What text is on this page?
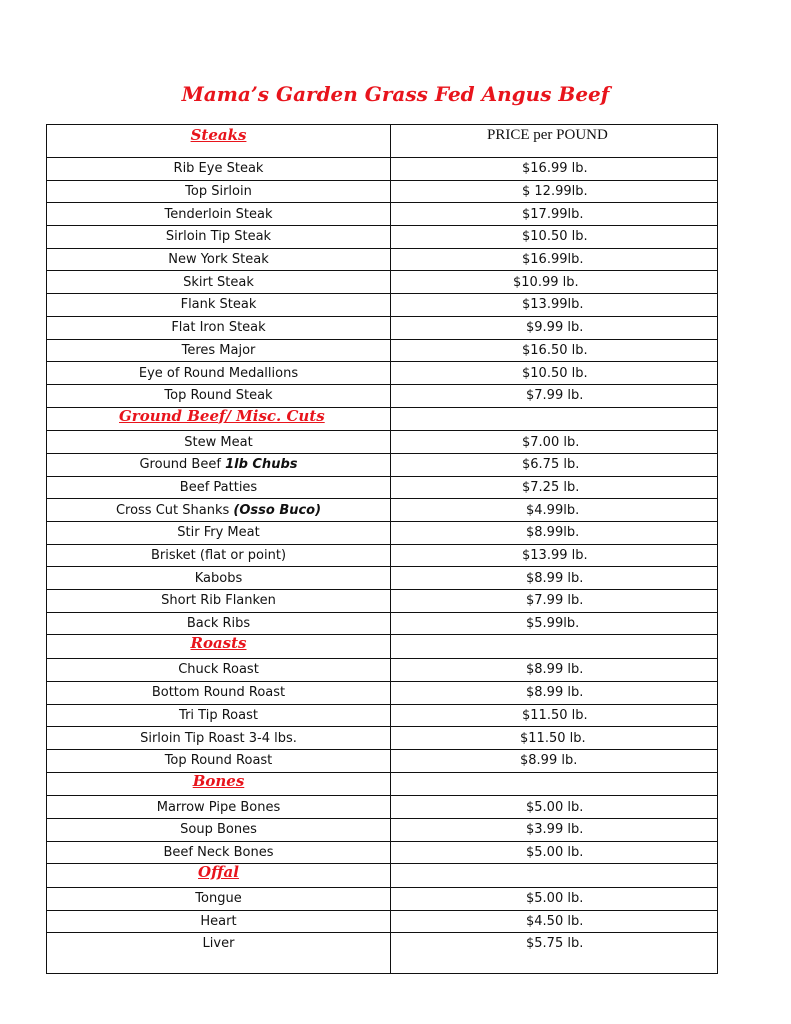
Mama’s Garden Grass Fed Angus Beef
Steaks	PRICE per POUND
Rib Eye Steak	$16.99 lb.
Top Sirloin	$ 12.99lb.
Tenderloin Steak	$17.99lb.
Sirloin Tip Steak	$10.50 lb.
New York Steak	$16.99lb.
Skirt Steak	$10.99 lb.
Flank Steak	$13.99lb.
Flat Iron Steak	$9.99 lb.
Teres Major	$16.50 lb.
Eye of Round Medallions	$10.50 lb.
Top Round Steak	$7.99 lb.
Ground Beef/ Misc. Cuts	
Stew Meat	$7.00 lb.
Ground Beef 1lb Chubs	$6.75 lb.
Beef Patties	$7.25 lb.
Cross Cut Shanks (Osso Buco)	$4.99lb.
Stir Fry Meat	$8.99lb.
Brisket (flat or point)	$13.99 lb.
Kabobs	$8.99 lb.
Short Rib Flanken	$7.99 lb.
Back Ribs	$5.99lb.
Roasts	
Chuck Roast	$8.99 lb.
Bottom Round Roast	$8.99 lb.
Tri Tip Roast	$11.50 lb.
Sirloin Tip Roast 3-4 lbs.	$11.50 lb.
Top Round Roast	$8.99 lb.
Bones	
Marrow Pipe Bones	$5.00 lb.
Soup Bones	$3.99 lb.
Beef Neck Bones	$5.00 lb.
Offal	
Tongue	$5.00 lb.
Heart	$4.50 lb.
Liver	$5.75 lb.
